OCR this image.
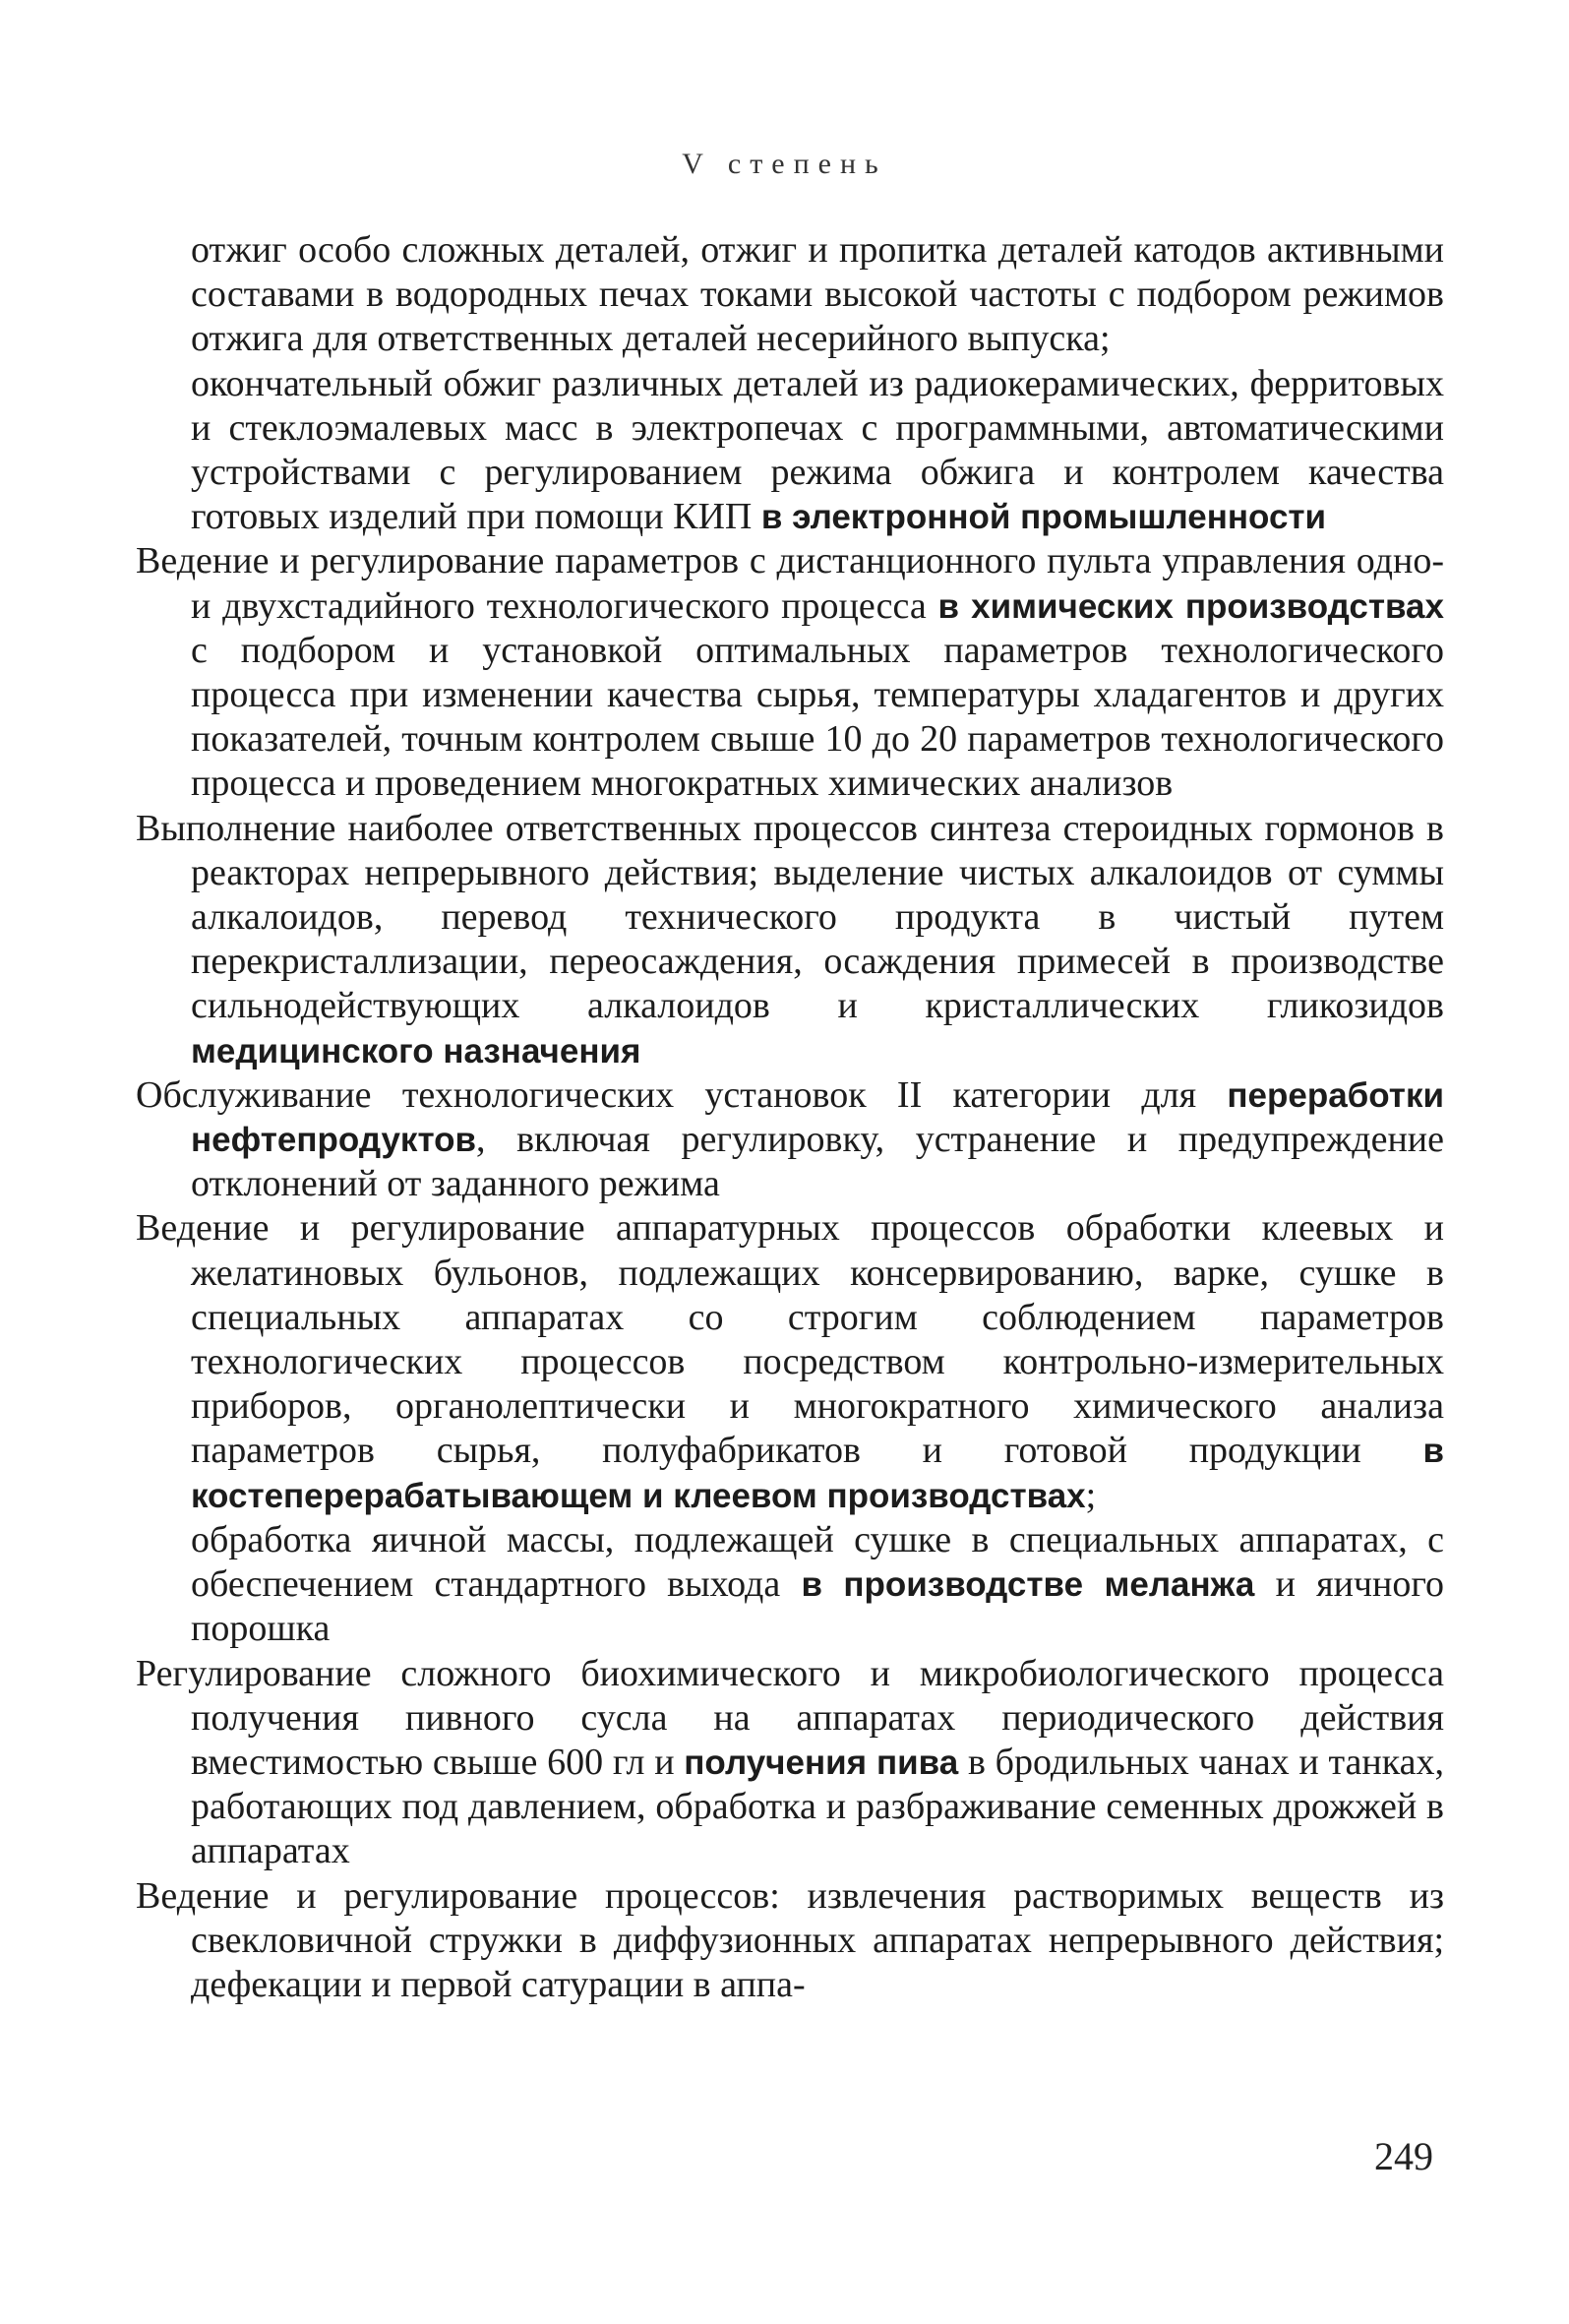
V степень

отжиг особо сложных деталей, отжиг и пропитка деталей катодов активными составами в водородных печах токами высокой частоты с подбором режимов отжига для ответственных деталей несерийного выпуска;

окончательный обжиг различных деталей из радиокерамических, ферритовых и стеклоэмалевых масс в электропечах с программными, автоматическими устройствами с регулированием режима обжига и контролем качества готовых изделий при помощи КИП в электронной промышленности

Ведение и регулирование параметров с дистанционного пульта управления одно- и двухстадийного технологического процесса в химических производствах с подбором и установкой оптимальных параметров технологического процесса при изменении качества сырья, температуры хладагентов и других показателей, точным контролем свыше 10 до 20 параметров технологического процесса и проведением многократных химических анализов

Выполнение наиболее ответственных процессов синтеза стероидных гормонов в реакторах непрерывного действия; выделение чистых алкалоидов от суммы алкалоидов, перевод технического продукта в чистый путем перекристаллизации, переосаждения, осаждения примесей в производстве сильнодействующих алкалоидов и кристаллических гликозидов медицинского назначения

Обслуживание технологических установок II категории для переработки нефтепродуктов, включая регулировку, устранение и предупреждение отклонений от заданного режима

Ведение и регулирование аппаратурных процессов обработки клеевых и желатиновых бульонов, подлежащих консервированию, варке, сушке в специальных аппаратах со строгим соблюдением параметров технологических процессов посредством контрольно-измерительных приборов, органолептически и многократного химического анализа параметров сырья, полуфабрикатов и готовой продукции в костеперерабатывающем и клеевом производствах;

обработка яичной массы, подлежащей сушке в специальных аппаратах, с обеспечением стандартного выхода в производстве меланжа и яичного порошка

Регулирование сложного биохимического и микробиологического процесса получения пивного сусла на аппаратах периодического действия вместимостью свыше 600 гл и получения пива в бродильных чанах и танках, работающих под давлением, обработка и разбраживание семенных дрожжей в аппаратах

Ведение и регулирование процессов: извлечения растворимых веществ из свекловичной стружки в диффузионных аппаратах непрерывного действия; дефекации и первой сатурации в аппа-

249
